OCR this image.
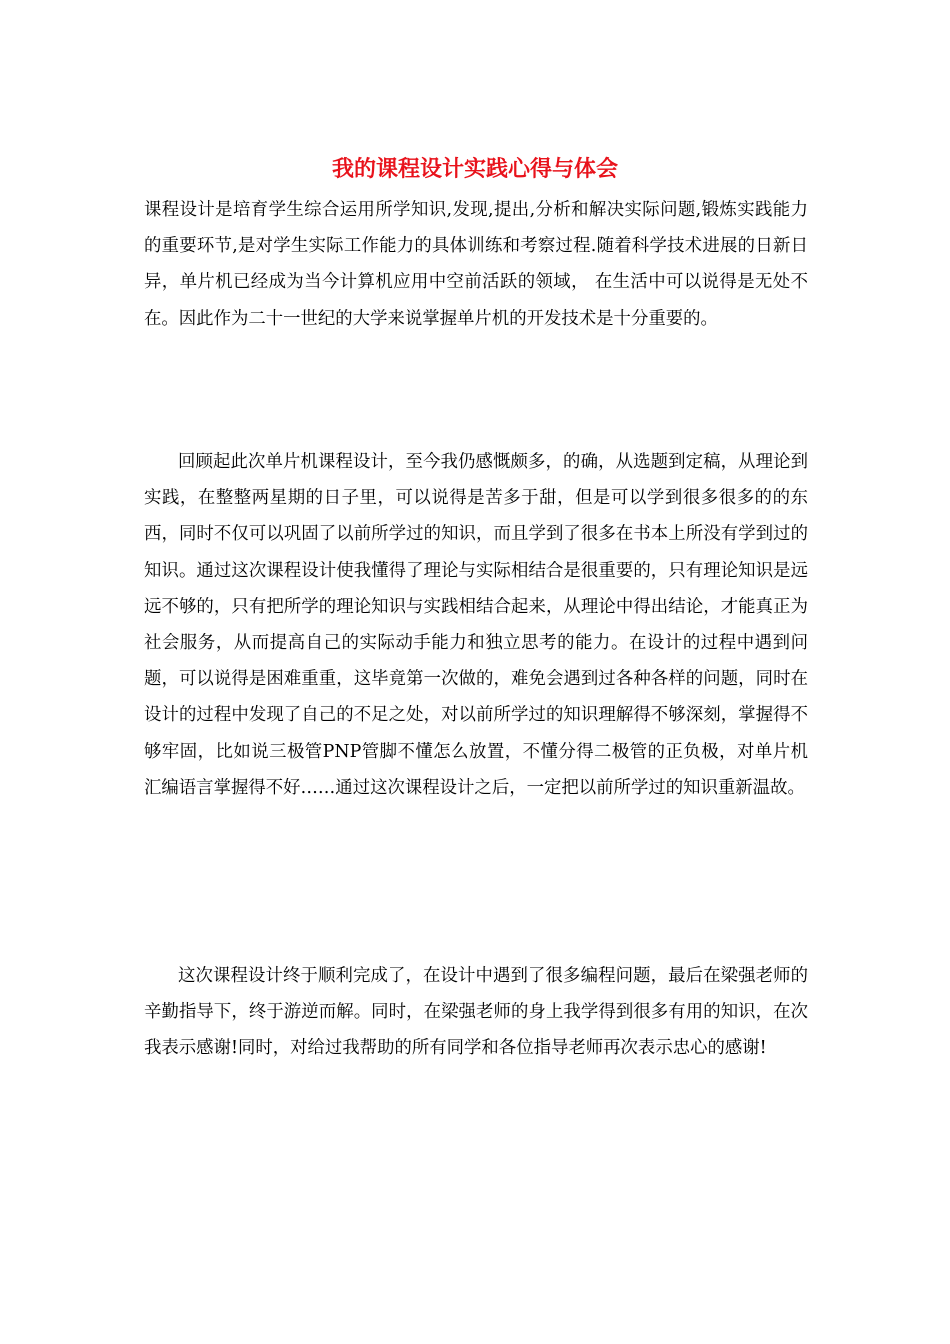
我的课程设计实践心得与体会

课程设计是培育学生综合运用所学知识,发现,提出,分析和解决实际问题,锻炼实践能力的重要环节,是对学生实际工作能力的具体训练和考察过程.随着科学技术进展的日新日异，单片机已经成为当今计算机应用中空前活跃的领域， 在生活中可以说得是无处不在。因此作为二十一世纪的大学来说掌握单片机的开发技术是十分重要的。

回顾起此次单片机课程设计，至今我仍感慨颇多，的确，从选题到定稿，从理论到实践，在整整两星期的日子里，可以说得是苦多于甜，但是可以学到很多很多的的东西，同时不仅可以巩固了以前所学过的知识，而且学到了很多在书本上所没有学到过的知识。通过这次课程设计使我懂得了理论与实际相结合是很重要的，只有理论知识是远远不够的，只有把所学的理论知识与实践相结合起来，从理论中得出结论，才能真正为社会服务，从而提高自己的实际动手能力和独立思考的能力。在设计的过程中遇到问题，可以说得是困难重重，这毕竟第一次做的，难免会遇到过各种各样的问题，同时在设计的过程中发现了自己的不足之处，对以前所学过的知识理解得不够深刻，掌握得不够牢固，比如说三极管PNP管脚不懂怎么放置，不懂分得二极管的正负极，对单片机汇编语言掌握得不好……通过这次课程设计之后，一定把以前所学过的知识重新温故。

这次课程设计终于顺利完成了，在设计中遇到了很多编程问题，最后在梁强老师的辛勤指导下，终于游逆而解。同时，在梁强老师的身上我学得到很多有用的知识，在次我表示感谢!同时，对给过我帮助的所有同学和各位指导老师再次表示忠心的感谢!
